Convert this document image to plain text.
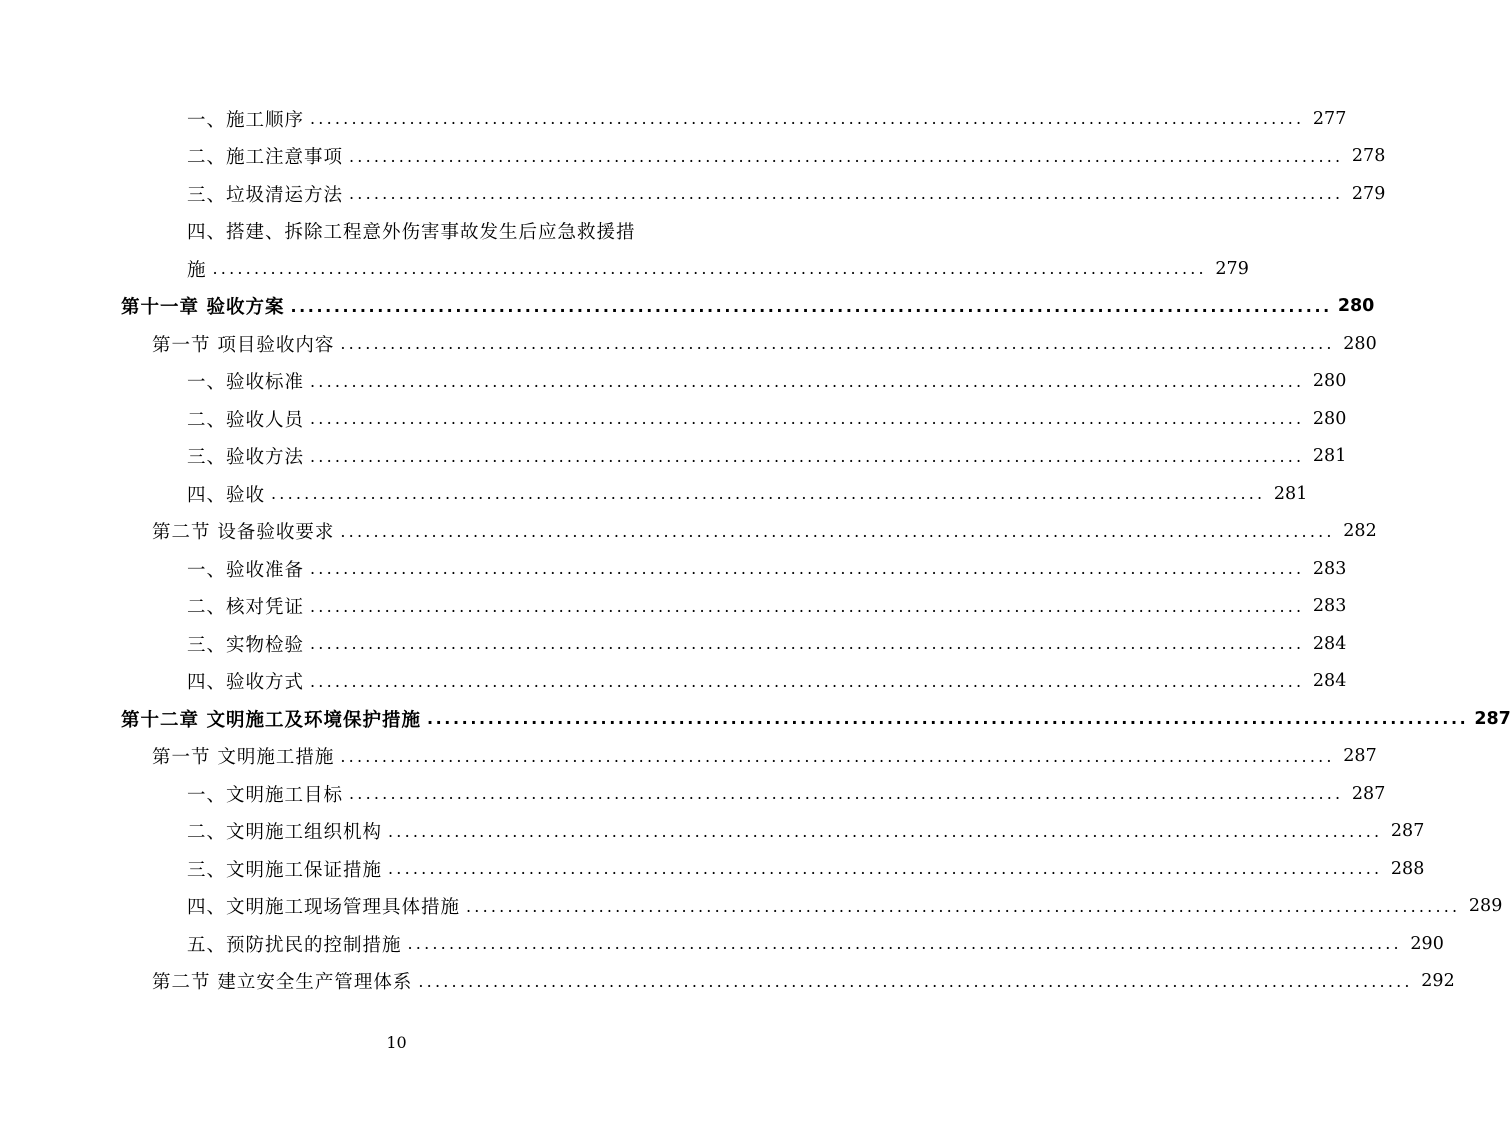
一、施工顺序 ........................................................................................................................ 277
二、施工注意事项 ........................................................................................................................ 278
三、垃圾清运方法 ........................................................................................................................ 279
四、搭建、拆除工程意外伤害事故发生后应急救援措
施 ........................................................................................................................ 279
第十一章 验收方案 ........................................................................................................................ 280
第一节 项目验收内容 ........................................................................................................................ 280
一、验收标准 ........................................................................................................................ 280
二、验收人员 ........................................................................................................................ 280
三、验收方法 ........................................................................................................................ 281
四、验收 ........................................................................................................................ 281
第二节 设备验收要求 ........................................................................................................................ 282
一、验收准备 ........................................................................................................................ 283
二、核对凭证 ........................................................................................................................ 283
三、实物检验 ........................................................................................................................ 284
四、验收方式 ........................................................................................................................ 284
第十二章 文明施工及环境保护措施 ........................................................................................................................ 287
第一节 文明施工措施 ........................................................................................................................ 287
一、文明施工目标 ........................................................................................................................ 287
二、文明施工组织机构 ........................................................................................................................ 287
三、文明施工保证措施 ........................................................................................................................ 288
四、文明施工现场管理具体措施 ........................................................................................................................ 289
五、预防扰民的控制措施 ........................................................................................................................ 290
第二节 建立安全生产管理体系 ........................................................................................................................ 292
10
